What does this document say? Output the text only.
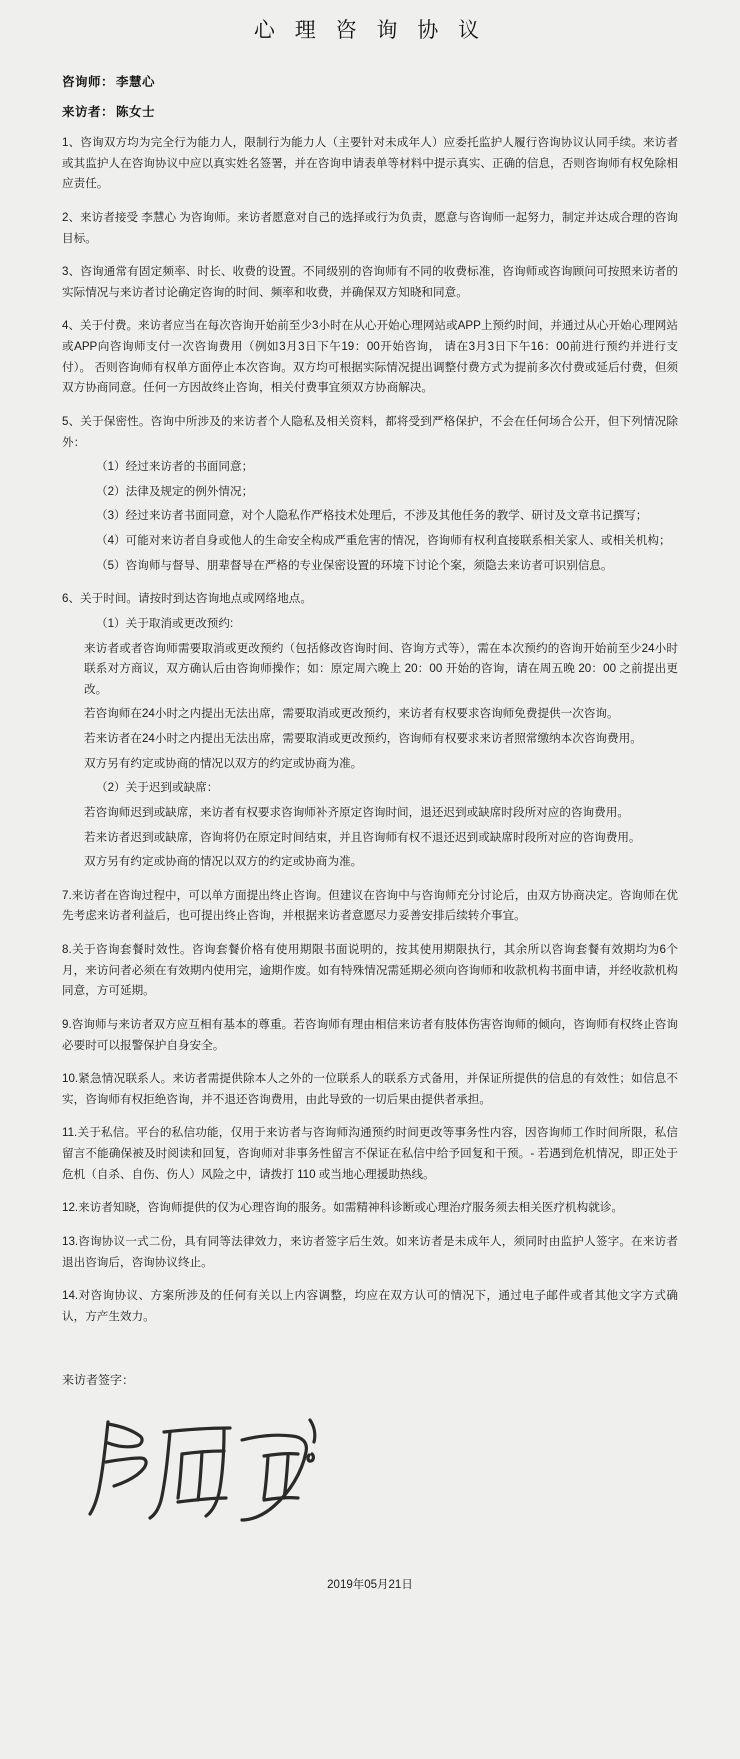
心 理 咨 询 协 议

咨询师： 李慧心

来访者： 陈女士

1、咨询双方均为完全行为能力人，限制行为能力人（主要针对未成年人）应委托监护人履行咨询协议认同手续。来访者或其监护人在咨询协议中应以真实姓名签署，并在咨询申请表单等材料中提示真实、正确的信息，否则咨询师有权免除相应责任。

2、来访者接受 李慧心 为咨询师。来访者愿意对自己的选择或行为负责，愿意与咨询师一起努力，制定并达成合理的咨询目标。

3、咨询通常有固定频率、时长、收费的设置。不同级别的咨询师有不同的收费标准，咨询师或咨询顾问可按照来访者的实际情况与来访者讨论确定咨询的时间、频率和收费，并确保双方知晓和同意。

4、关于付费。来访者应当在每次咨询开始前至少3小时在从心开始心理网站或APP上预约时间，并通过从心开始心理网站或APP向咨询师支付一次咨询费用（例如3月3日下午19：00开始咨询， 请在3月3日下午16：00前进行预约并进行支付）。 否则咨询师有权单方面停止本次咨询。双方均可根据实际情况提出调整付费方式为提前多次付费或延后付费，但须双方协商同意。任何一方因故终止咨询，相关付费事宜须双方协商解决。

5、关于保密性。咨询中所涉及的来访者个人隐私及相关资料，都将受到严格保护，不会在任何场合公开，但下列情况除外：

（1）经过来访者的书面同意；

（2）法律及规定的例外情况；

（3）经过来访者书面同意，对个人隐私作严格技术处理后，不涉及其他任务的教学、研讨及文章书记撰写；

（4）可能对来访者自身或他人的生命安全构成严重危害的情况，咨询师有权利直接联系相关家人、或相关机构；

（5）咨询师与督导、朋辈督导在严格的专业保密设置的环境下讨论个案，须隐去来访者可识别信息。

6、关于时间。请按时到达咨询地点或网络地点。

（1）关于取消或更改预约:

来访者或者咨询师需要取消或更改预约（包括修改咨询时间、咨询方式等），需在本次预约的咨询开始前至少24小时联系对方商议，双方确认后由咨询师操作；如：原定周六晚上 20：00 开始的咨询，请在周五晚 20：00 之前提出更改。

若咨询师在24小时之内提出无法出席，需要取消或更改预约，来访者有权要求咨询师免费提供一次咨询。

若来访者在24小时之内提出无法出席，需要取消或更改预约，咨询师有权要求来访者照常缴纳本次咨询费用。

双方另有约定或协商的情况以双方的约定或协商为准。

（2）关于迟到或缺席：

若咨询师迟到或缺席，来访者有权要求咨询师补齐原定咨询时间，退还迟到或缺席时段所对应的咨询费用。

若来访者迟到或缺席，咨询将仍在原定时间结束，并且咨询师有权不退还迟到或缺席时段所对应的咨询费用。

双方另有约定或协商的情况以双方的约定或协商为准。

7.来访者在咨询过程中，可以单方面提出终止咨询。但建议在咨询中与咨询师充分讨论后，由双方协商决定。咨询师在优先考虑来访者利益后，也可提出终止咨询，并根据来访者意愿尽力妥善安排后续转介事宜。

8.关于咨询套餐时效性。咨询套餐价格有使用期限书面说明的，按其使用期限执行，其余所以咨询套餐有效期均为6个月，来访问者必须在有效期内使用完，逾期作废。如有特殊情况需延期必须向咨询师和收款机构书面申请，并经收款机构同意，方可延期。

9.咨询师与来访者双方应互相有基本的尊重。若咨询师有理由相信来访者有肢体伤害咨询师的倾向，咨询师有权终止咨询必要时可以报警保护自身安全。

10.紧急情况联系人。来访者需提供除本人之外的一位联系人的联系方式备用，并保证所提供的信息的有效性；如信息不实，咨询师有权拒绝咨询，并不退还咨询费用，由此导致的一切后果由提供者承担。

11.关于私信。平台的私信功能，仅用于来访者与咨询师沟通预约时间更改等事务性内容，因咨询师工作时间所限，私信留言不能确保被及时阅读和回复，咨询师对非事务性留言不保证在私信中给予回复和干预。- 若遇到危机情况，即正处于危机（自杀、自伤、伤人）风险之中，请拨打 110 或当地心理援助热线。

12.来访者知晓，咨询师提供的仅为心理咨询的服务。如需精神科诊断或心理治疗服务须去相关医疗机构就诊。

13.咨询协议一式二份，具有同等法律效力，来访者签字后生效。如来访者是未成年人，须同时由监护人签字。在来访者退出咨询后，咨询协议终止。

14.对咨询协议、方案所涉及的任何有关以上内容调整，均应在双方认可的情况下，通过电子邮件或者其他文字方式确认，方产生效力。

来访者签字：

2019年05月21日
